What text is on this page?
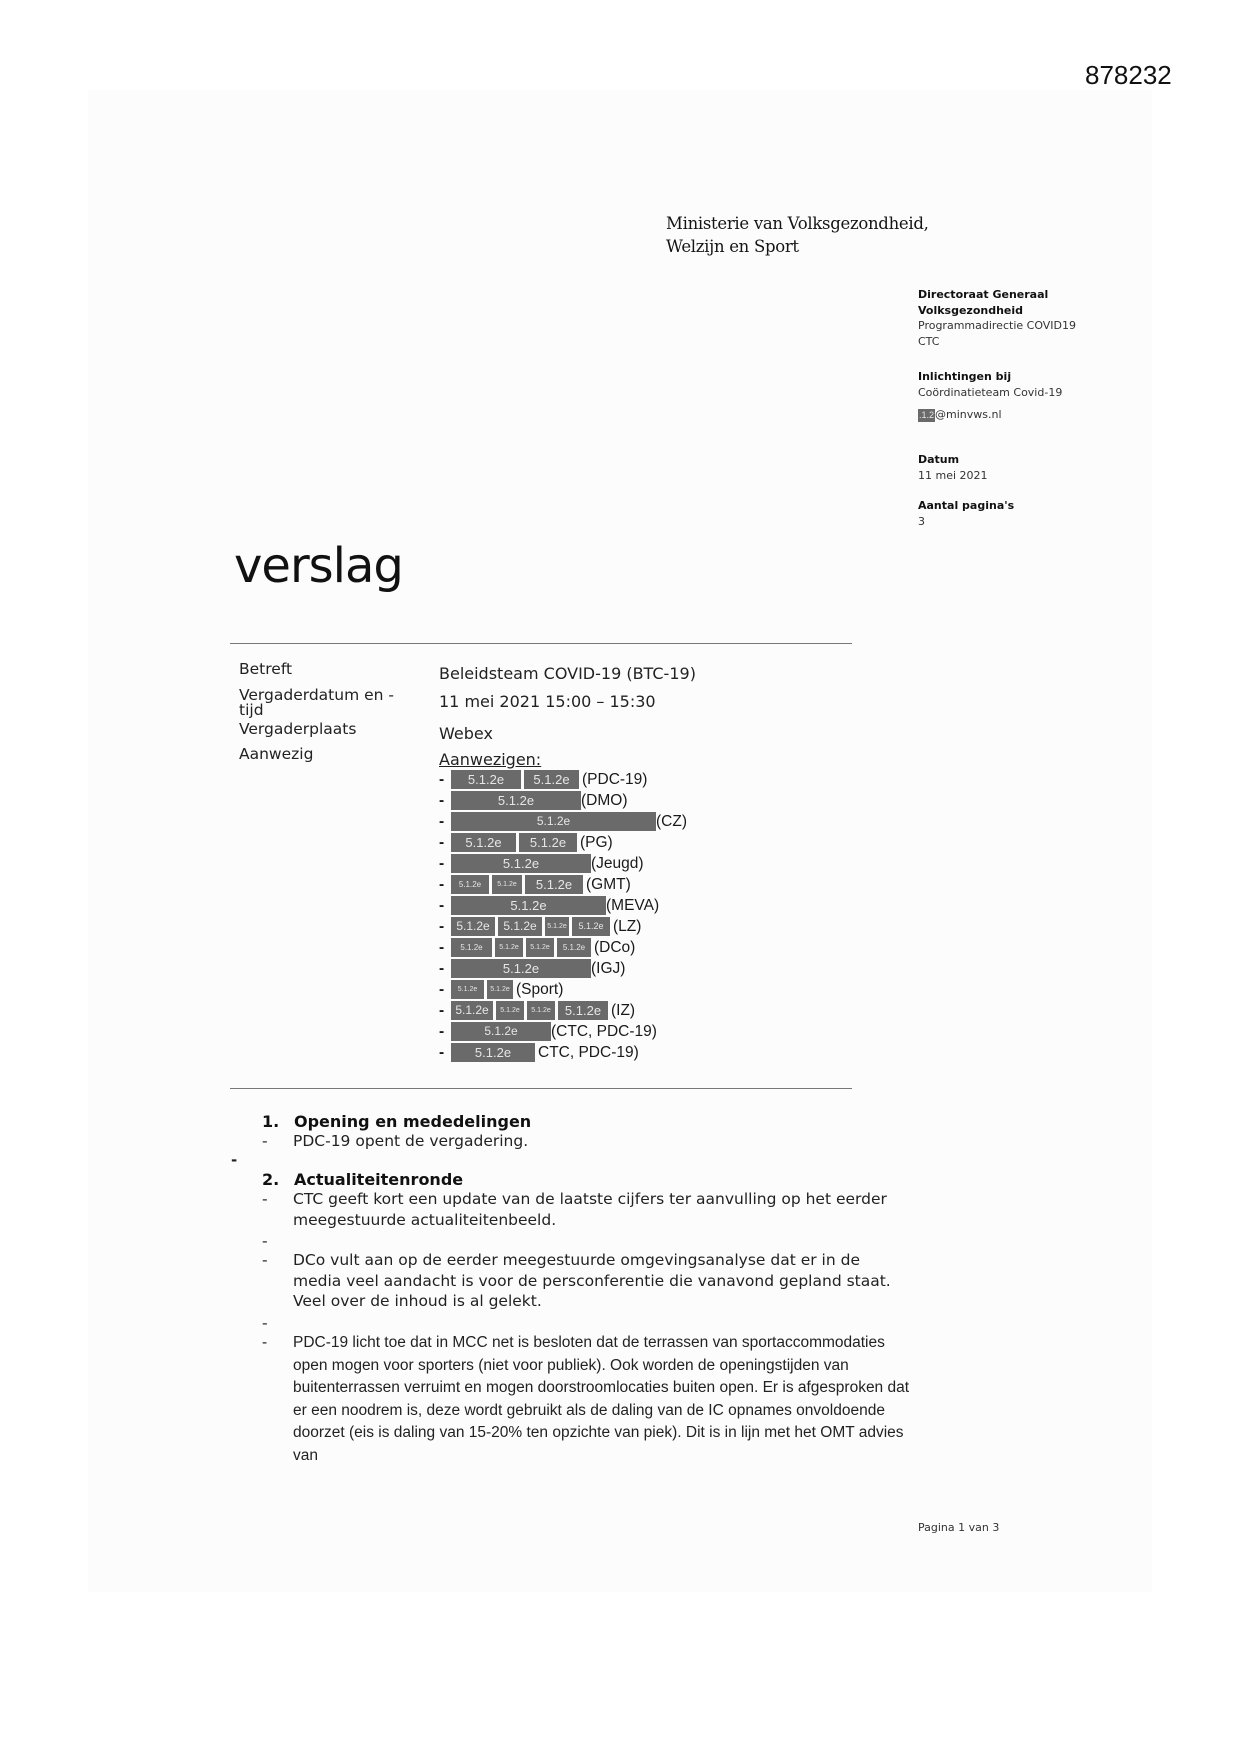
878232
Ministerie van Volksgezondheid,
Welzijn en Sport
Directoraat Generaal
Volksgezondheid
Programmadirectie COVID19
CTC
Inlichtingen bij
Coördinatieteam Covid-19
.1.2@minvws.nl
Datum
11 mei 2021
Aantal pagina's
3
verslag
Betreft	Beleidsteam COVID-19 (BTC-19)
Vergaderdatum en -
tijd	11 mei 2021 15:00 – 15:30
Vergaderplaats	Webex
Aanwezig	Aanwezigen:
-	5.1.2e	5.1.2e (PDC-19)
-	5.1.2e	(DMO)
-	5.1.2e	(CZ)
-	5.1.2e	5.1.2e (PG)
-	5.1.2e	(Jeugd)
-	5.1.2e	5.1.2e	5.1.2e (GMT)
-	5.1.2e	(MEVA)
-	5.1.2e	5.1.2e	5.1.2e	5.1.2e (LZ)
-	5.1.2e	5.1.2e	5.1.2e	5.1.2e (DCo)
-	5.1.2e	(IGJ)
-	5.1.2e	5.1.2e (Sport)
- 5.1.2e	5.1.2e	5.1.2e	5.1.2e (IZ)
-	5.1.2e	(CTC, PDC-19)
-	5.1.2e	CTC, PDC-19)
1. Opening en mededelingen
- PDC-19 opent de vergadering.
-
2. Actualiteitenronde
- CTC geeft kort een update van de laatste cijfers ter aanvulling op het eerder meegestuurde actualiteitenbeeld.
-
- DCo vult aan op de eerder meegestuurde omgevingsanalyse dat er in de media veel aandacht is voor de persconferentie die vanavond gepland staat. Veel over de inhoud is al gelekt.
-
- PDC-19 licht toe dat in MCC net is besloten dat de terrassen van sportaccommodaties open mogen voor sporters (niet voor publiek). Ook worden de openingstijden van buitenterrassen verruimt en mogen doorstroomlocaties buiten open. Er is afgesproken dat er een noodrem is, deze wordt gebruikt als de daling van de IC opnames onvoldoende doorzet (eis is daling van 15-20% ten opzichte van piek). Dit is in lijn met het OMT advies van
Pagina 1 van 3
